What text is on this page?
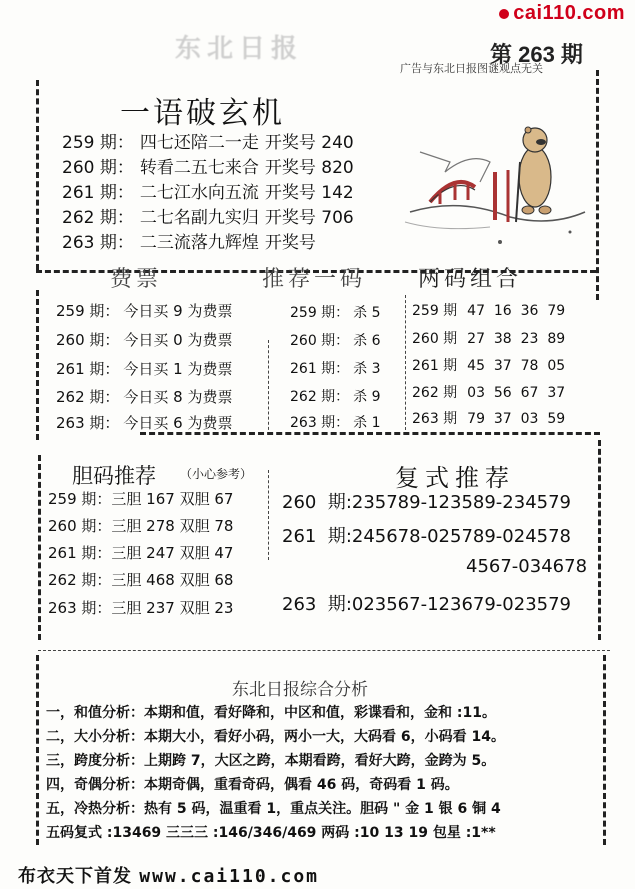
cai110.com
东北日报	第 263 期
广告与东北日报图谜观点无关
一语破玄机
259 期： 四七还陪二一走 开奖号 240
260 期： 转看二五七来合 开奖号 820
261 期： 二七江水向五流 开奖号 142
262 期： 二七名副九实归 开奖号 706
263 期： 二三流落九辉煌 开奖号
费票	推荐一码 两码组合
259 期： 今日买 9 为费票
260 期： 今日买 0 为费票
261 期： 今日买 1 为费票
262 期： 今日买 8 为费票
263 期： 今日买 6 为费票
259 期： 杀 5
260 期： 杀 6
261 期： 杀 3
262 期： 杀 9
263 期： 杀 1
259 期 47  16  36  79
260 期 27  38  23  89
261 期 45  37  78  05
262 期 03  56  67  37
263 期 79  37  03  59
胆码推荐 （小心参考）	复式推荐
259 期：三胆 167 双胆 67
260 期：三胆 278 双胆 78
261 期：三胆 247 双胆 47
262 期：三胆 468 双胆 68
263 期：三胆 237 双胆 23
260  期:235789-123589-234579
261  期:245678-025789-024578
4567-034678
263  期:023567-123679-023579
东北日报综合分析
一，和值分析：本期和值，看好降和，中区和值，彩谍看和，金和 :11。
二，大小分析：本期大小，看好小码，两小一大，大码看 6，小码看 14。
三，跨度分析：上期跨 7，大区之跨，本期看跨，看好大跨，金跨为 5。
四，奇偶分析：本期奇偶，重看奇码，偶看 46 码，奇码看 1 码。
五，冷热分析：热有 5 码，温重看 1，重点关注。胆码 " 金 1 银 6 铜 4
五码复式 :13469 三三三 :146/346/469 两码 :10 13 19 包星 :1**
布衣天下首发 www.cai110.com
